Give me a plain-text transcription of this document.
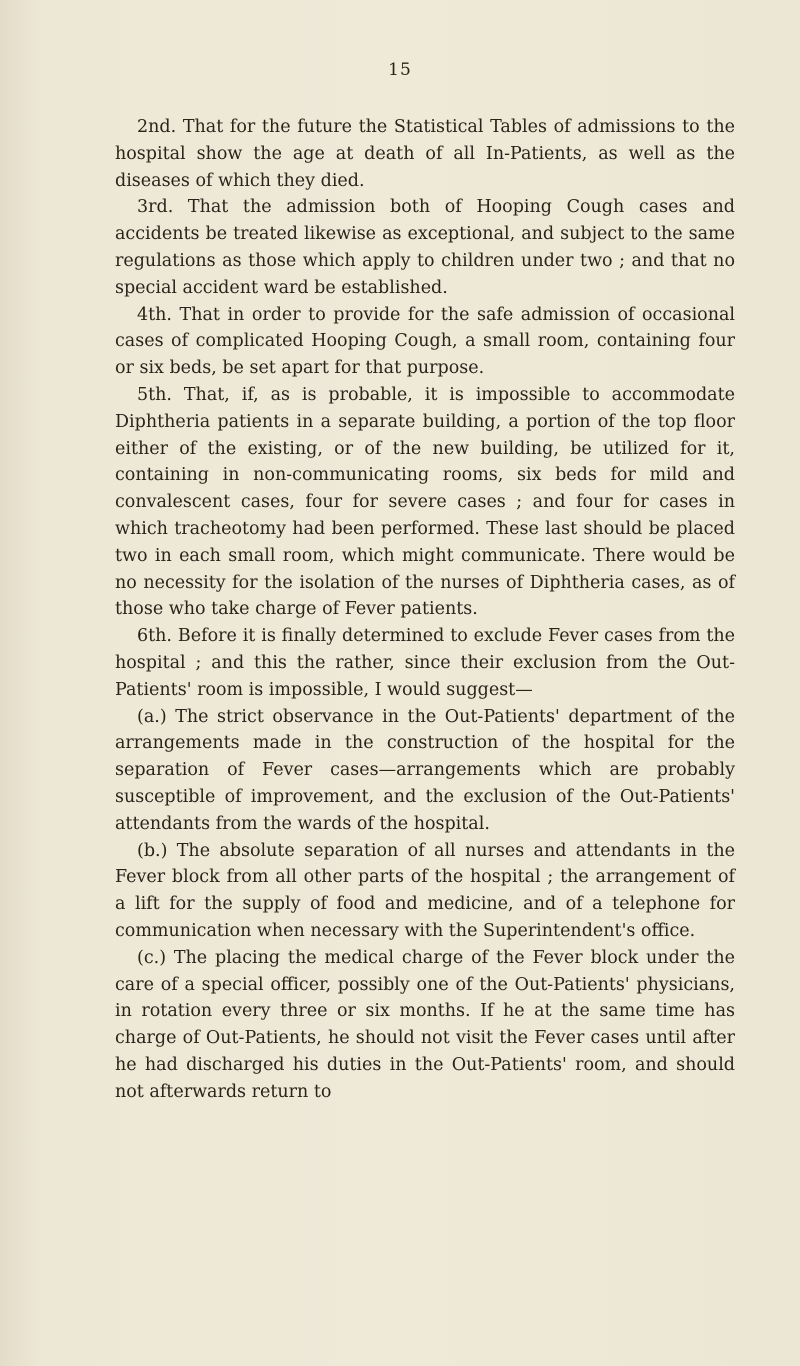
15

2nd. That for the future the Statistical Tables of admissions to the hospital show the age at death of all In-Patients, as well as the diseases of which they died.

3rd. That the admission both of Hooping Cough cases and accidents be treated likewise as exceptional, and subject to the same regulations as those which apply to children under two ; and that no special accident ward be established.

4th. That in order to provide for the safe admission of occasional cases of complicated Hooping Cough, a small room, containing four or six beds, be set apart for that purpose.

5th. That, if, as is probable, it is impossible to accommodate Diphtheria patients in a separate building, a portion of the top floor either of the existing, or of the new building, be utilized for it, containing in non-communicating rooms, six beds for mild and convalescent cases, four for severe cases ; and four for cases in which tracheotomy had been performed. These last should be placed two in each small room, which might communicate. There would be no necessity for the isolation of the nurses of Diphtheria cases, as of those who take charge of Fever patients.

6th. Before it is finally determined to exclude Fever cases from the hospital ; and this the rather, since their exclusion from the Out-Patients' room is impossible, I would suggest—

(a.) The strict observance in the Out-Patients' department of the arrangements made in the construction of the hospital for the separation of Fever cases—arrangements which are probably susceptible of improvement, and the exclusion of the Out-Patients' attendants from the wards of the hospital.

(b.) The absolute separation of all nurses and attendants in the Fever block from all other parts of the hospital ; the arrangement of a lift for the supply of food and medicine, and of a telephone for communication when necessary with the Superintendent's office.

(c.) The placing the medical charge of the Fever block under the care of a special officer, possibly one of the Out-Patients' physicians, in rotation every three or six months. If he at the same time has charge of Out-Patients, he should not visit the Fever cases until after he had discharged his duties in the Out-Patients' room, and should not afterwards return to
